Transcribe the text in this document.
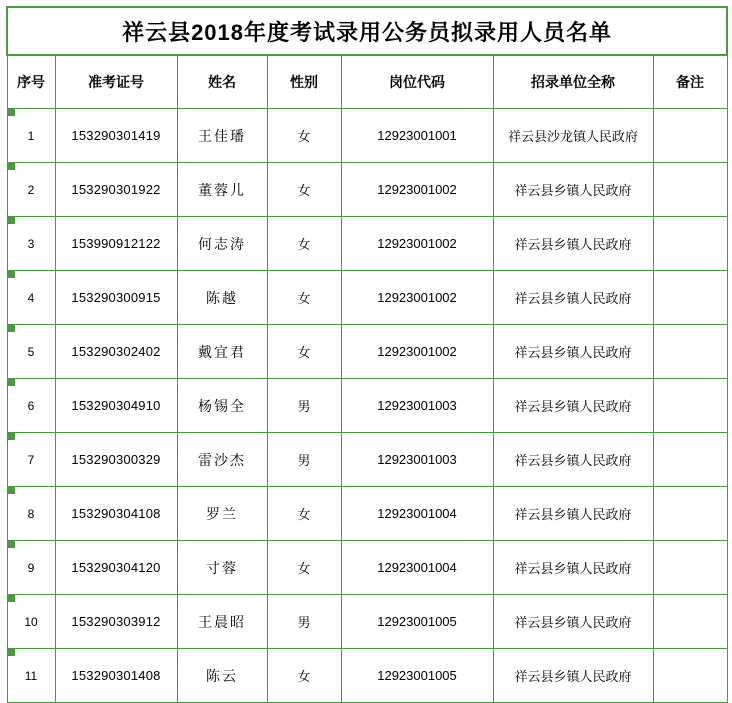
祥云县2018年度考试录用公务员拟录用人员名单						
序号	准考证号	姓名	性别	岗位代码	招录单位全称	备注
1	153290301419	王佳璠	女	12923001001	祥云县沙龙镇人民政府	
2	153290301922	董蓉儿	女	12923001002	祥云县乡镇人民政府	
3	153990912122	何志涛	女	12923001002	祥云县乡镇人民政府	
4	153290300915	陈越	女	12923001002	祥云县乡镇人民政府	
5	153290302402	戴宜君	女	12923001002	祥云县乡镇人民政府	
6	153290304910	杨锡全	男	12923001003	祥云县乡镇人民政府	
7	153290300329	雷沙杰	男	12923001003	祥云县乡镇人民政府	
8	153290304108	罗兰	女	12923001004	祥云县乡镇人民政府	
9	153290304120	寸蓉	女	12923001004	祥云县乡镇人民政府	
10	153290303912	王晨昭	男	12923001005	祥云县乡镇人民政府	
11	153290301408	陈云	女	12923001005	祥云县乡镇人民政府	
